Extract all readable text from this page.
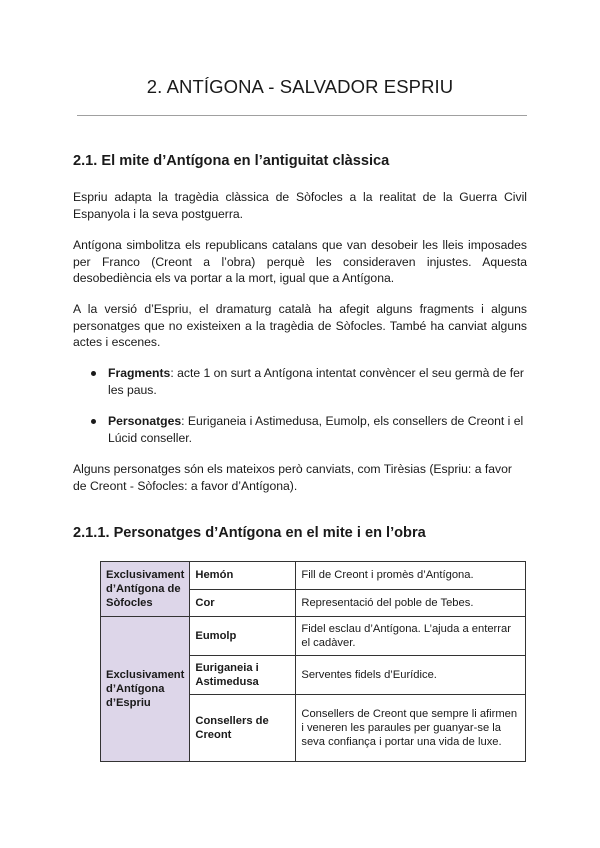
2. ANTÍGONA - SALVADOR ESPRIU
2.1. El mite d’Antígona en l’antiguitat clàssica

Espriu adapta la tragèdia clàssica de Sòfocles a la realitat de la Guerra Civil Espanyola i la seva postguerra.

Antígona simbolitza els republicans catalans que van desobeir les lleis imposades per Franco (Creont a l’obra) perquè les consideraven injustes. Aquesta desobediència els va portar a la mort, igual que a Antígona.

A la versió d’Espriu, el dramaturg català ha afegit alguns fragments i alguns personatges que no existeixen a la tragèdia de Sòfocles. També ha canviat alguns actes i escenes.

Fragments: acte 1 on surt a Antígona intentat convèncer el seu germà de fer les paus.
Personatges: Euriganeia i Astimedusa, Eumolp, els consellers de Creont i el Lúcid conseller.

Alguns personatges són els mateixos però canviats, com Tirèsias (Espriu: a favor de Creont - Sòfocles: a favor d’Antígona).

2.1.1. Personatges d’Antígona en el mite i en l’obra
Exclusivament d’Antígona de Sòfocles	Hemón	Fill de Creont i promès d’Antígona.
	Cor	Representació del poble de Tebes.
Exclusivament d’Antígona d’Espriu	Eumolp	Fidel esclau d’Antígona. L’ajuda a enterrar el cadàver.
	Euriganeia i Astimedusa	Serventes fidels d’Eurídice.
	Consellers de Creont	Consellers de Creont que sempre li afirmen i veneren les paraules per guanyar-se la seva confiança i portar una vida de luxe.
